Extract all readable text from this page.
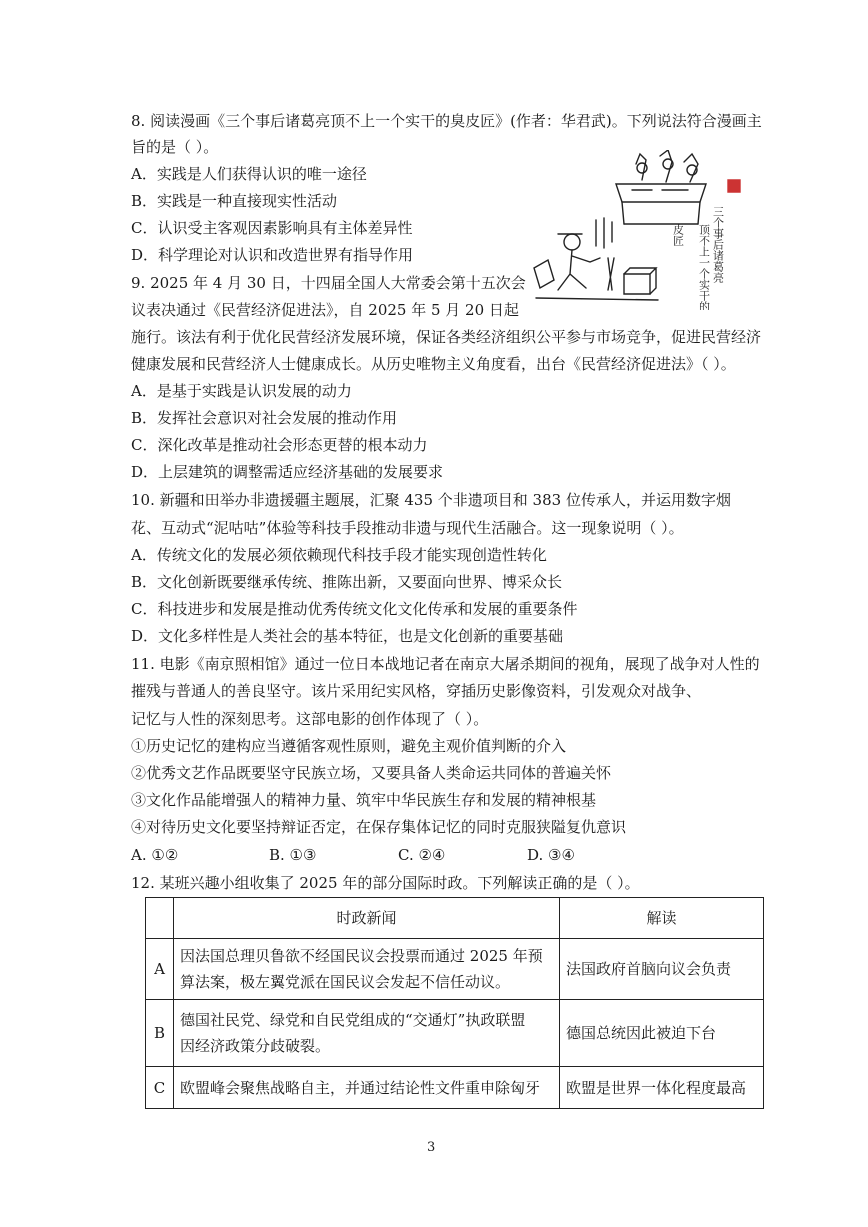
8. 阅读漫画《三个事后诸葛亮顶不上一个实干的臭皮匠》(作者：华君武)。下列说法符合漫画主
旨的是（ ）。
A．实践是人们获得认识的唯一途径
B．实践是一种直接现实性活动
C．认识受主客观因素影响具有主体差异性
D．科学理论对认识和改造世界有指导作用	三个事后诸葛亮
顶不上一个实干的臭
皮匠
9. 2025 年 4 月 30 日，十四届全国人大常委会第十五次会
议表决通过《民营经济促进法》，自 2025 年 5 月 20 日起
施行。该法有利于优化民营经济发展环境，保证各类经济组织公平参与市场竞争，促进民营经济
健康发展和民营经济人士健康成长。从历史唯物主义角度看，出台《民营经济促进法》（ ）。
A．是基于实践是认识发展的动力
B．发挥社会意识对社会发展的推动作用
C．深化改革是推动社会形态更替的根本动力
D．上层建筑的调整需适应经济基础的发展要求
10. 新疆和田举办非遗援疆主题展，汇聚 435 个非遗项目和 383 位传承人，并运用数字烟
花、互动式“泥咕咕”体验等科技手段推动非遗与现代生活融合。这一现象说明（ ）。
A．传统文化的发展必须依赖现代科技手段才能实现创造性转化
B．文化创新既要继承传统、推陈出新，又要面向世界、博采众长
C．科技进步和发展是推动优秀传统文化文化传承和发展的重要条件
D．文化多样性是人类社会的基本特征，也是文化创新的重要基础
11. 电影《南京照相馆》通过一位日本战地记者在南京大屠杀期间的视角，展现了战争对人性的
摧残与普通人的善良坚守。该片采用纪实风格，穿插历史影像资料，引发观众对战争、
记忆与人性的深刻思考。这部电影的创作体现了（ ）。
①历史记忆的建构应当遵循客观性原则，避免主观价值判断的介入
②优秀文艺作品既要坚守民族立场，又要具备人类命运共同体的普遍关怀
③文化作品能增强人的精神力量、筑牢中华民族生存和发展的精神根基
④对待历史文化要坚持辩证否定，在保存集体记忆的同时克服狭隘复仇意识
A. ①②	B. ①③	C. ②④	D. ③④
12. 某班兴趣小组收集了 2025 年的部分国际时政。下列解读正确的是（ ）。
	时政新闻	解读
A	因法国总理贝鲁欲不经国民议会投票而通过 2025 年预
算法案，极左翼党派在国民议会发起不信任动议。	法国政府首脑向议会负责
B	德国社民党、绿党和自民党组成的“交通灯”执政联盟
因经济政策分歧破裂。	德国总统因此被迫下台
C	欧盟峰会聚焦战略自主，并通过结论性文件重申除匈牙	欧盟是世界一体化程度最高
3
